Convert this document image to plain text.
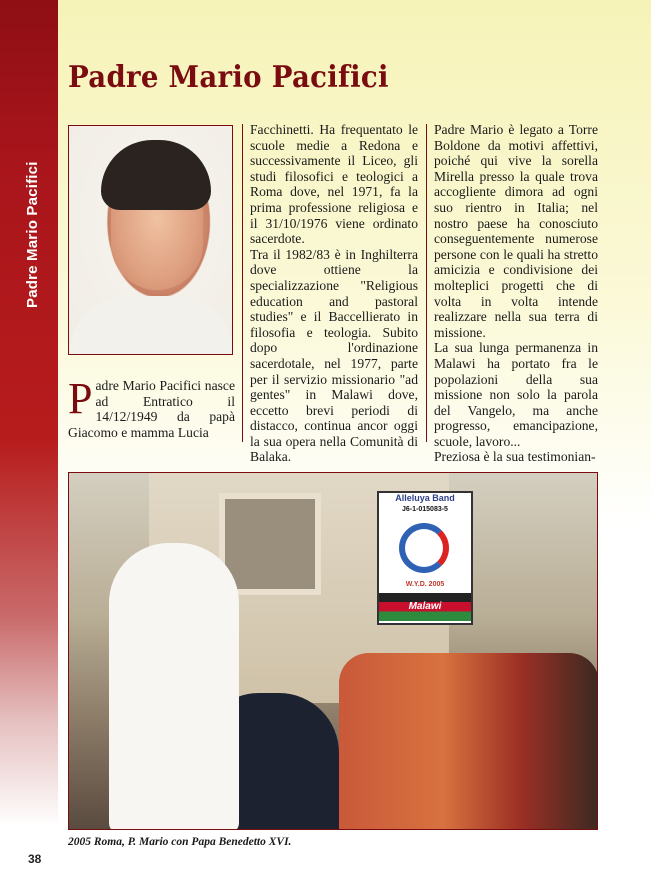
Padre Mario Pacifici
38
Padre Mario Pacifici

Padre Mario Pacifici nasce ad Entratico il 14/12/1949 da papà Giacomo e mamma Lucia

Facchinetti. Ha frequentato le scuole medie a Redona e successivamente il Liceo, gli studi filosofici e teologici a Roma dove, nel 1971, fa la prima professione religiosa e il 31/10/1976 viene ordinato sacerdote.

Tra il 1982/83 è in Inghilterra dove ottiene la specializzazione "Religious education and pastoral studies" e il Baccellierato in filosofia e teologia. Subito dopo l'ordinazione sacerdotale, nel 1977, parte per il servizio missionario "ad gentes" in Malawi dove, eccetto brevi periodi di distacco, continua ancor oggi la sua opera nella Comunità di Balaka.

Padre Mario è legato a Torre Boldone da motivi affettivi, poiché qui vive la sorella Mirella presso la quale trova accogliente dimora ad ogni suo rientro in Italia; nel nostro paese ha conosciuto conseguentemente numerose persone con le quali ha stretto amicizia e condivisione dei molteplici progetti che di volta in volta intende realizzare nella sua terra di missione.

La sua lunga permanenza in Malawi ha portato fra le popolazioni della sua missione non solo la parola del Vangelo, ma anche progresso, emancipazione, scuole, lavoro...

Preziosa è la sua testimonian-

Alleluya Band
J6-1-015083-5
W.Y.D. 2005
Malawi

2005 Roma, P. Mario con Papa Benedetto XVI.
